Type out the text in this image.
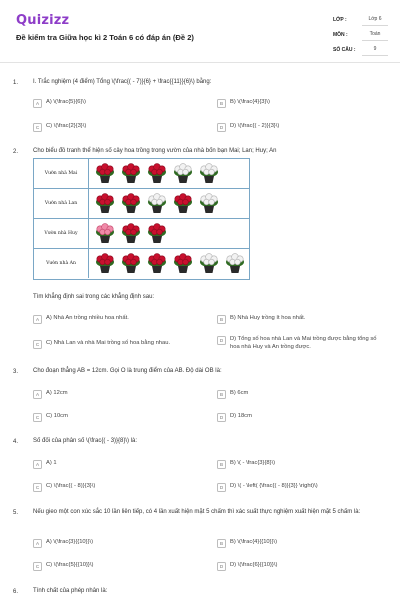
Quizizz
Đề kiểm tra Giữa học kì 2 Toán 6 có đáp án (Đề 2)
LỚP :	Lớp 6
MÔN :	Toán
SỐ CÂU :	9
1. I. Trắc nghiệm (4 điểm) Tổng \(\frac{( - 7)}{6} + \frac{{11}}{6}\) bằng:
A	A) \(\frac{5}{6}\)	B	B) \(\frac{4}{3}\)
C	C) \(\frac{2}{3}\)	D	D) \(\frac{( - 2)}{3}\)
2. Cho biểu đồ tranh thể hiện số cây hoa trồng trong vườn của nhà bốn bạn Mai; Lan; Huy; An
Vườn nhà Mai
Vườn nhà Lan
Vườn nhà Huy
Vườn nhà An
Tìm khẳng định sai trong các khẳng định sau:
A	A) Nhà An trồng nhiều hoa nhất.	B	B) Nhà Huy trồng ít hoa nhất.
C	C) Nhà Lan và nhà Mai trồng số hoa bằng nhau.	D	D) Tổng số hoa nhà Lan và Mai trồng được bằng tổng số hoa nhà Huy và An trồng được.
3. Cho đoạn thẳng AB = 12cm. Gọi O là trung điểm của AB. Độ dài OB là:
A	A) 12cm	B	B) 6cm
C	C) 10cm	D	D) 18cm
4. Số đối của phân số \(\frac{( - 3)}{8}\) là:
A	A) 1	B	B) \( - \frac{3}{8}\)
C	C) \(\frac{( - 8)}{3}\)	D	D) \( - \left( {\frac{( - 8)}{3}} \right)\)
5. Nếu gieo một con xúc sắc 10 lần liên tiếp, có 4 lần xuất hiện mặt 5 chấm thì xác suất thực nghiệm xuất hiện mặt 5 chấm là:
A	A) \(\frac{3}{{10}}\)	B	B) \(\frac{4}{{10}}\)
C	C) \(\frac{5}{{10}}\)	D	D) \(\frac{6}{{10}}\)
6. Tính chất của phép nhân là:
